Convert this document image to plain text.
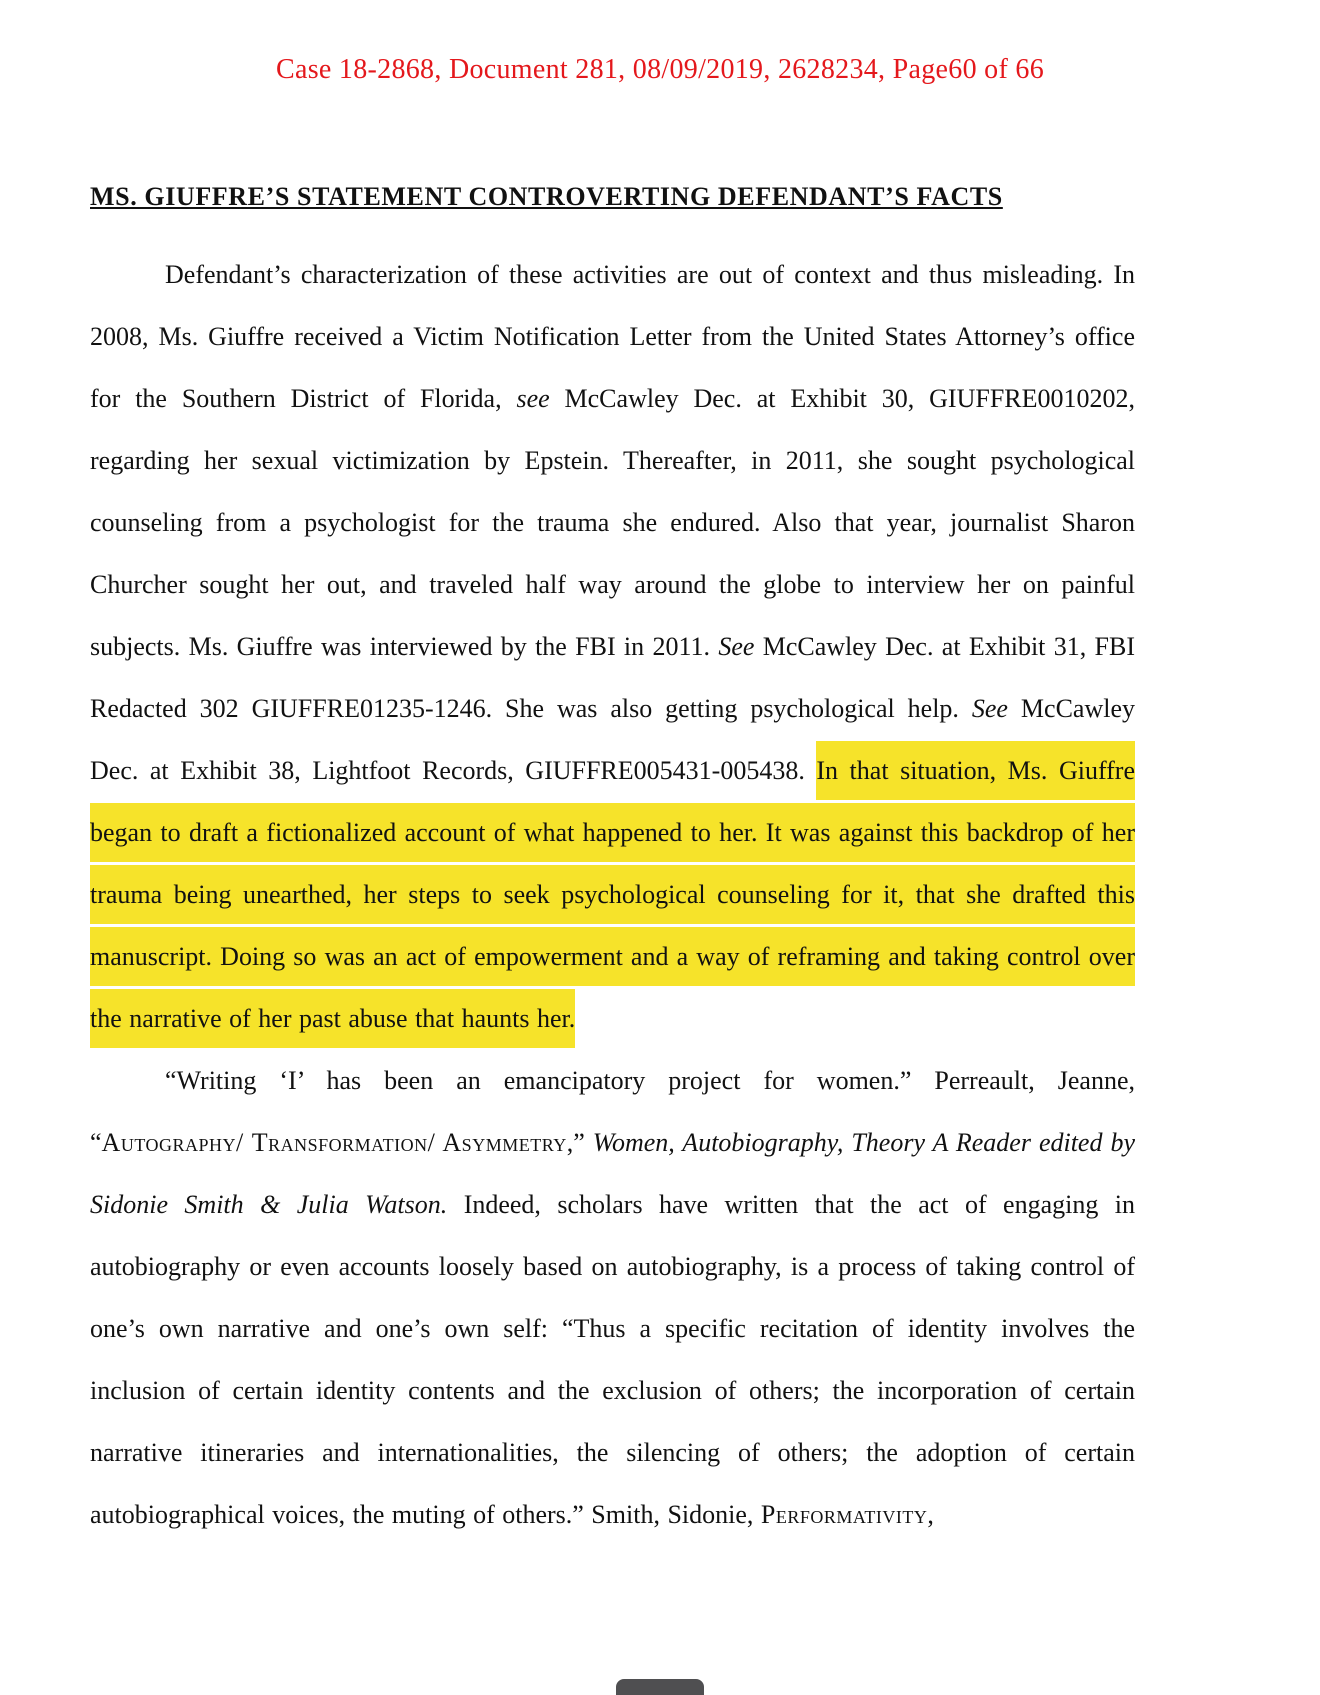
Case 18-2868, Document 281, 08/09/2019, 2628234, Page60 of 66
MS. GIUFFRE’S STATEMENT CONTROVERTING DEFENDANT’S FACTS

Defendant’s characterization of these activities are out of context and thus misleading. In 2008, Ms. Giuffre received a Victim Notification Letter from the United States Attorney’s office for the Southern District of Florida, see McCawley Dec. at Exhibit 30, GIUFFRE0010202, regarding her sexual victimization by Epstein. Thereafter, in 2011, she sought psychological counseling from a psychologist for the trauma she endured. Also that year, journalist Sharon Churcher sought her out, and traveled half way around the globe to interview her on painful subjects. Ms. Giuffre was interviewed by the FBI in 2011. See McCawley Dec. at Exhibit 31, FBI Redacted 302 GIUFFRE01235-1246. She was also getting psychological help. See McCawley Dec. at Exhibit 38, Lightfoot Records, GIUFFRE005431-005438. In that situation, Ms. Giuffre began to draft a fictionalized account of what happened to her. It was against this backdrop of her trauma being unearthed, her steps to seek psychological counseling for it, that she drafted this manuscript. Doing so was an act of empowerment and a way of reframing and taking control over the narrative of her past abuse that haunts her.

“Writing ‘I’ has been an emancipatory project for women.” Perreault, Jeanne, “Autography/ Transformation/ Asymmetry,” Women, Autobiography, Theory A Reader edited by Sidonie Smith & Julia Watson. Indeed, scholars have written that the act of engaging in autobiography or even accounts loosely based on autobiography, is a process of taking control of one’s own narrative and one’s own self: “Thus a specific recitation of identity involves the inclusion of certain identity contents and the exclusion of others; the incorporation of certain narrative itineraries and internationalities, the silencing of others; the adoption of certain autobiographical voices, the muting of others.” Smith, Sidonie, Performativity,
